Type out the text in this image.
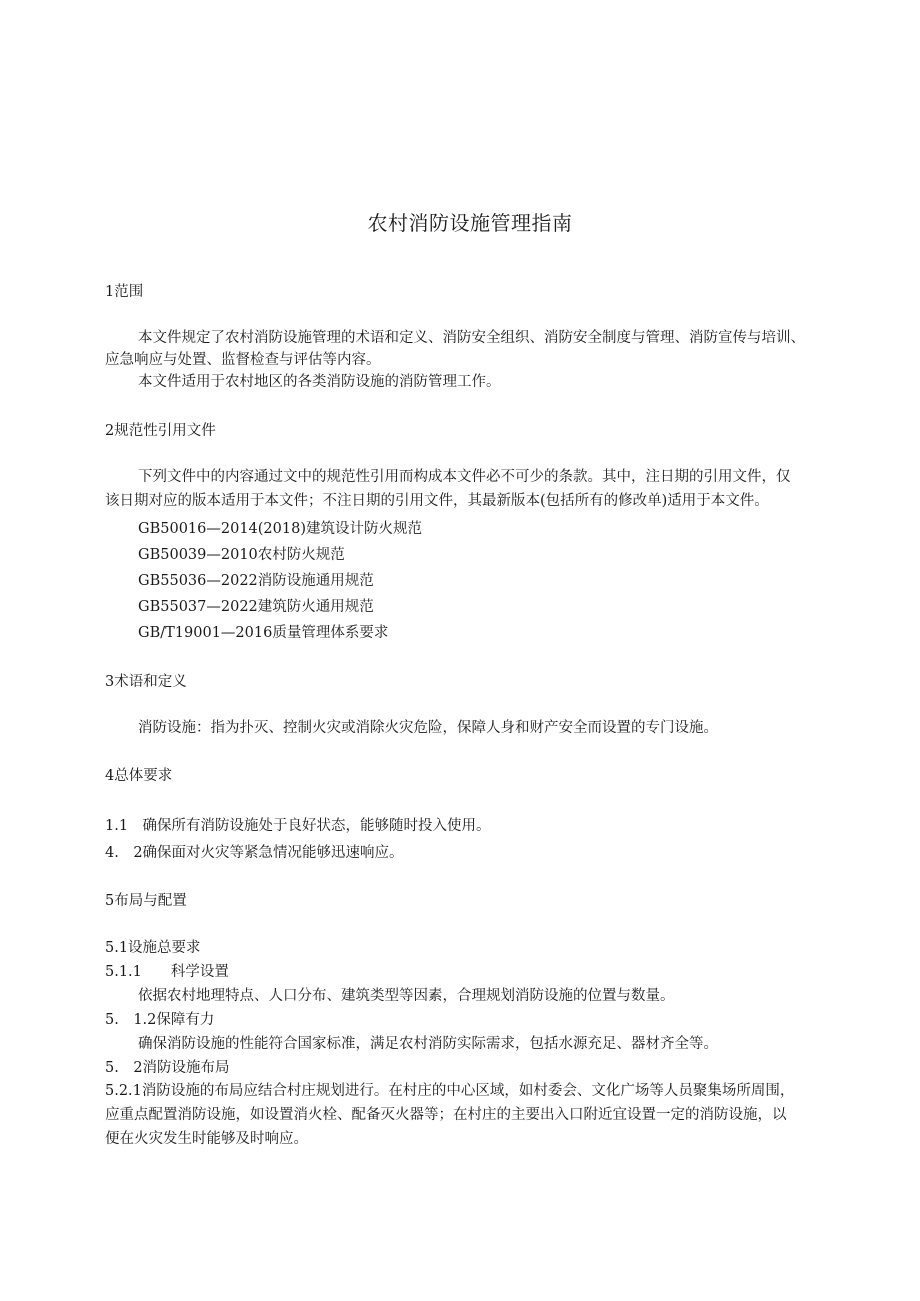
农村消防设施管理指南
1范围
本文件规定了农村消防设施管理的术语和定义、消防安全组织、消防安全制度与管理、消防宣传与培训、
应急响应与处置、监督检查与评估等内容。
本文件适用于农村地区的各类消防设施的消防管理工作。
2规范性引用文件
下列文件中的内容通过文中的规范性引用而构成本文件必不可少的条款。其中，注日期的引用文件，仅
该日期对应的版本适用于本文件；不注日期的引用文件，其最新版本(包括所有的修改单)适用于本文件。
GB50016—2014(2018)建筑设计防火规范
GB50039—2010农村防火规范
GB55036—2022消防设施通用规范
GB55037—2022建筑防火通用规范
GB/T19001—2016质量管理体系要求
3术语和定义
消防设施：指为扑灭、控制火灾或消除火灾危险，保障人身和财产安全而设置的专门设施。
4总体要求
1.1　确保所有消防设施处于良好状态，能够随时投入使用。
4.　2确保面对火灾等紧急情况能够迅速响应。
5布局与配置
5.1设施总要求
5.1.1　　科学设置
依据农村地理特点、人口分布、建筑类型等因素，合理规划消防设施的位置与数量。
5.　1.2保障有力
确保消防设施的性能符合国家标准，满足农村消防实际需求，包括水源充足、器材齐全等。
5.　2消防设施布局
5.2.1消防设施的布局应结合村庄规划进行。在村庄的中心区域，如村委会、文化广场等人员聚集场所周围，
应重点配置消防设施，如设置消火栓、配备灭火器等；在村庄的主要出入口附近宜设置一定的消防设施，以
便在火灾发生时能够及时响应。
